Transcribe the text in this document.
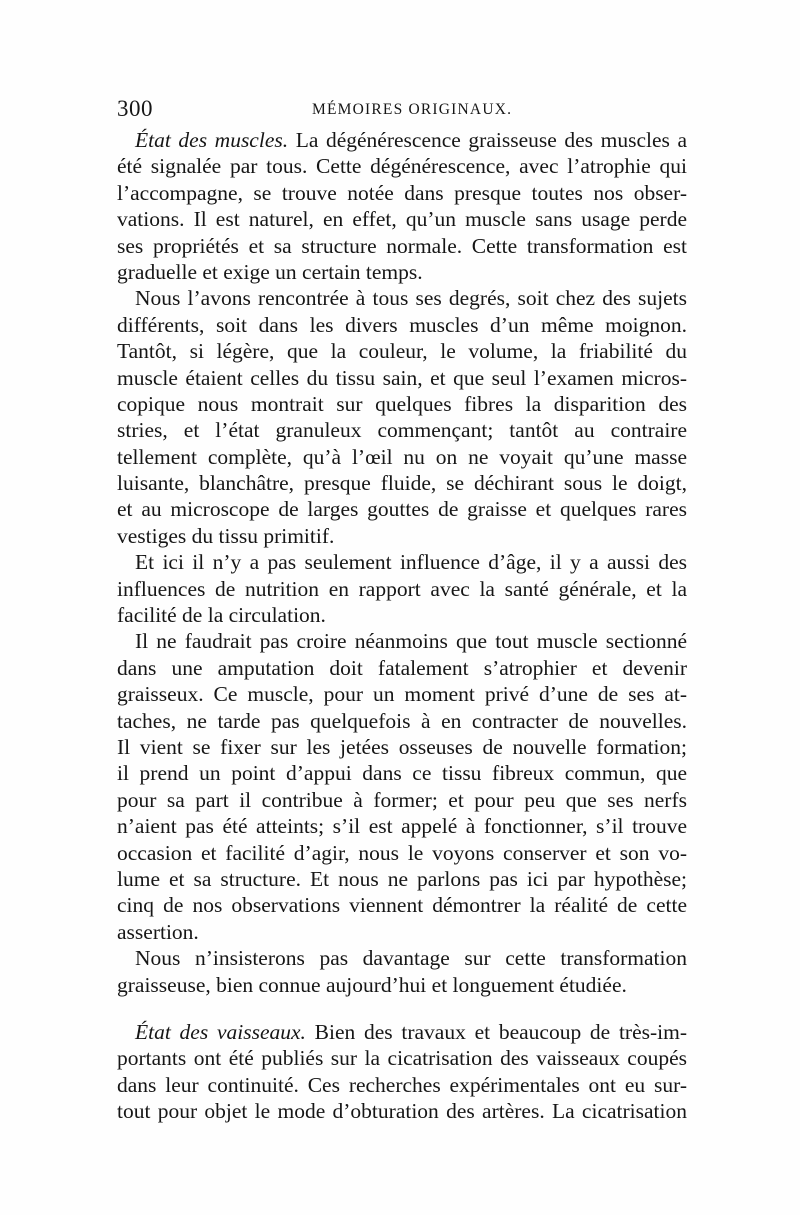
300	MÉMOIRES ORIGINAUX.
État des muscles. La dégénérescence graisseuse des muscles a
été signalée par tous. Cette dégénérescence, avec l’atrophie qui
l’accompagne, se trouve notée dans presque toutes nos obser-
vations. Il est naturel, en effet, qu’un muscle sans usage perde
ses propriétés et sa structure normale. Cette transformation est
graduelle et exige un certain temps.
Nous l’avons rencontrée à tous ses degrés, soit chez des sujets
différents, soit dans les divers muscles d’un même moignon.
Tantôt, si légère, que la couleur, le volume, la friabilité du
muscle étaient celles du tissu sain, et que seul l’examen micros-
copique nous montrait sur quelques fibres la disparition des
stries, et l’état granuleux commençant; tantôt au contraire
tellement complète, qu’à l’œil nu on ne voyait qu’une masse
luisante, blanchâtre, presque fluide, se déchirant sous le doigt,
et au microscope de larges gouttes de graisse et quelques rares
vestiges du tissu primitif.
Et ici il n’y a pas seulement influence d’âge, il y a aussi des
influences de nutrition en rapport avec la santé générale, et la
facilité de la circulation.
Il ne faudrait pas croire néanmoins que tout muscle sectionné
dans une amputation doit fatalement s’atrophier et devenir
graisseux. Ce muscle, pour un moment privé d’une de ses at-
taches, ne tarde pas quelquefois à en contracter de nouvelles.
Il vient se fixer sur les jetées osseuses de nouvelle formation;
il prend un point d’appui dans ce tissu fibreux commun, que
pour sa part il contribue à former; et pour peu que ses nerfs
n’aient pas été atteints; s’il est appelé à fonctionner, s’il trouve
occasion et facilité d’agir, nous le voyons conserver et son vo-
lume et sa structure. Et nous ne parlons pas ici par hypothèse;
cinq de nos observations viennent démontrer la réalité de cette
assertion.
Nous n’insisterons pas davantage sur cette transformation
graisseuse, bien connue aujourd’hui et longuement étudiée.
État des vaisseaux. Bien des travaux et beaucoup de très-im-
portants ont été publiés sur la cicatrisation des vaisseaux coupés
dans leur continuité. Ces recherches expérimentales ont eu sur-
tout pour objet le mode d’obturation des artères. La cicatrisation
